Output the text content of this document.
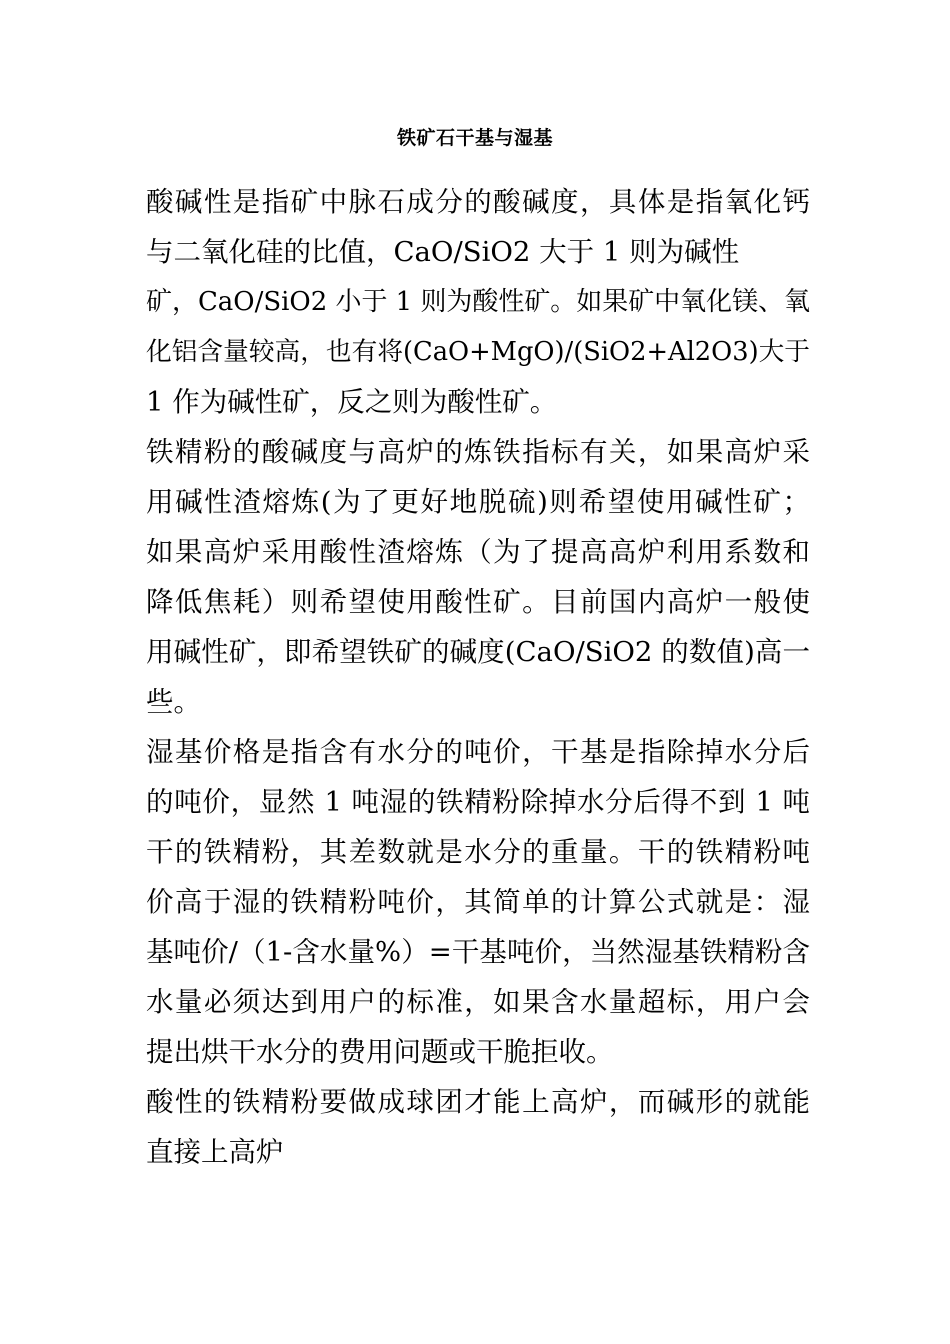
铁矿石干基与湿基
酸碱性是指矿中脉石成分的酸碱度，具体是指氧化钙
与二氧化硅的比值，CaO/SiO2 大于 1 则为碱性
矿，CaO/SiO2 小于 1 则为酸性矿。如果矿中氧化镁、氧
化铝含量较高，也有将(CaO+MgO)/(SiO2+Al2O3)大于
1 作为碱性矿，反之则为酸性矿。
铁精粉的酸碱度与高炉的炼铁指标有关，如果高炉采
用碱性渣熔炼(为了更好地脱硫)则希望使用碱性矿；
如果高炉采用酸性渣熔炼（为了提高高炉利用系数和
降低焦耗）则希望使用酸性矿。目前国内高炉一般使
用碱性矿，即希望铁矿的碱度(CaO/SiO2 的数值)高一
些。
湿基价格是指含有水分的吨价，干基是指除掉水分后
的吨价，显然 1 吨湿的铁精粉除掉水分后得不到 1 吨
干的铁精粉，其差数就是水分的重量。干的铁精粉吨
价高于湿的铁精粉吨价，其简单的计算公式就是：湿
基吨价/（1-含水量%）=干基吨价，当然湿基铁精粉含
水量必须达到用户的标准，如果含水量超标，用户会
提出烘干水分的费用问题或干脆拒收。
酸性的铁精粉要做成球团才能上高炉，而碱形的就能
直接上高炉
